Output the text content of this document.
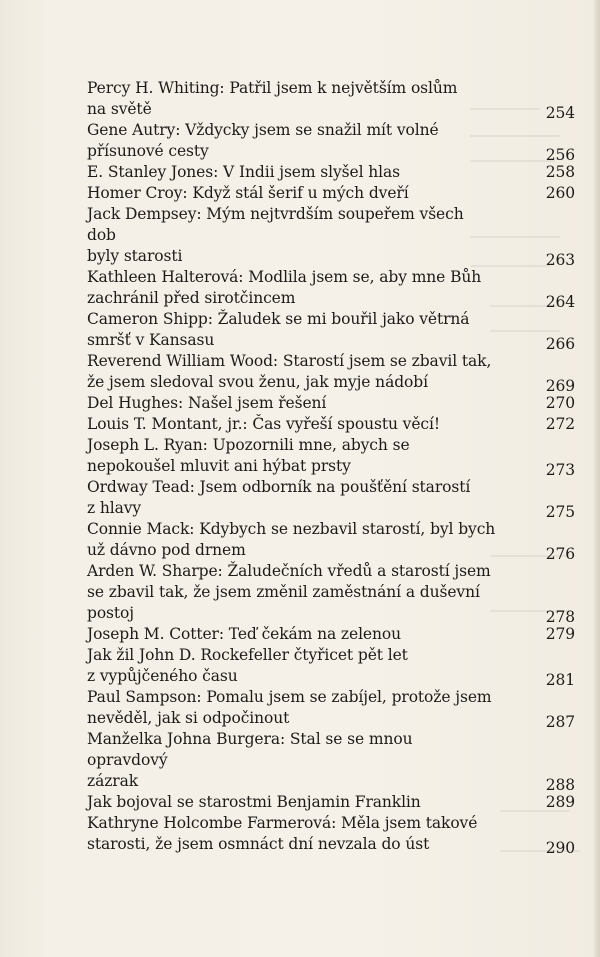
Percy H. Whiting: Patřil jsem k největším oslům
na světě	254
Gene Autry: Vždycky jsem se snažil mít volné
přísunové cesty	256
E. Stanley Jones: V Indii jsem slyšel hlas	258
Homer Croy: Když stál šerif u mých dveří	260
Jack Dempsey: Mým nejtvrdším soupeřem všech dob
byly starosti	263
Kathleen Halterová: Modlila jsem se, aby mne Bůh
zachránil před sirotčincem	264
Cameron Shipp: Žaludek se mi bouřil jako větrná
smršť v Kansasu	266
Reverend William Wood: Starostí jsem se zbavil tak,
že jsem sledoval svou ženu, jak myje nádobí	269
Del Hughes: Našel jsem řešení	270
Louis T. Montant, jr.: Čas vyřeší spoustu věcí!	272
Joseph L. Ryan: Upozornili mne, abych se
nepokoušel mluvit ani hýbat prsty	273
Ordway Tead: Jsem odborník na poušťění starostí
z hlavy	275
Connie Mack: Kdybych se nezbavil starostí, byl bych
už dávno pod drnem	276
Arden W. Sharpe: Žaludečních vředů a starostí jsem
se zbavil tak, že jsem změnil zaměstnání a duševní
postoj	278
Joseph M. Cotter: Teď čekám na zelenou	279
Jak žil John D. Rockefeller čtyřicet pět let
z vypůjčeného času	281
Paul Sampson: Pomalu jsem se zabíjel, protože jsem
nevěděl, jak si odpočinout	287
Manželka Johna Burgera: Stal se se mnou opravdový
zázrak	288
Jak bojoval se starostmi Benjamin Franklin	289
Kathryne Holcombe Farmerová: Měla jsem takové
starosti, že jsem osmnáct dní nevzala do úst	290
